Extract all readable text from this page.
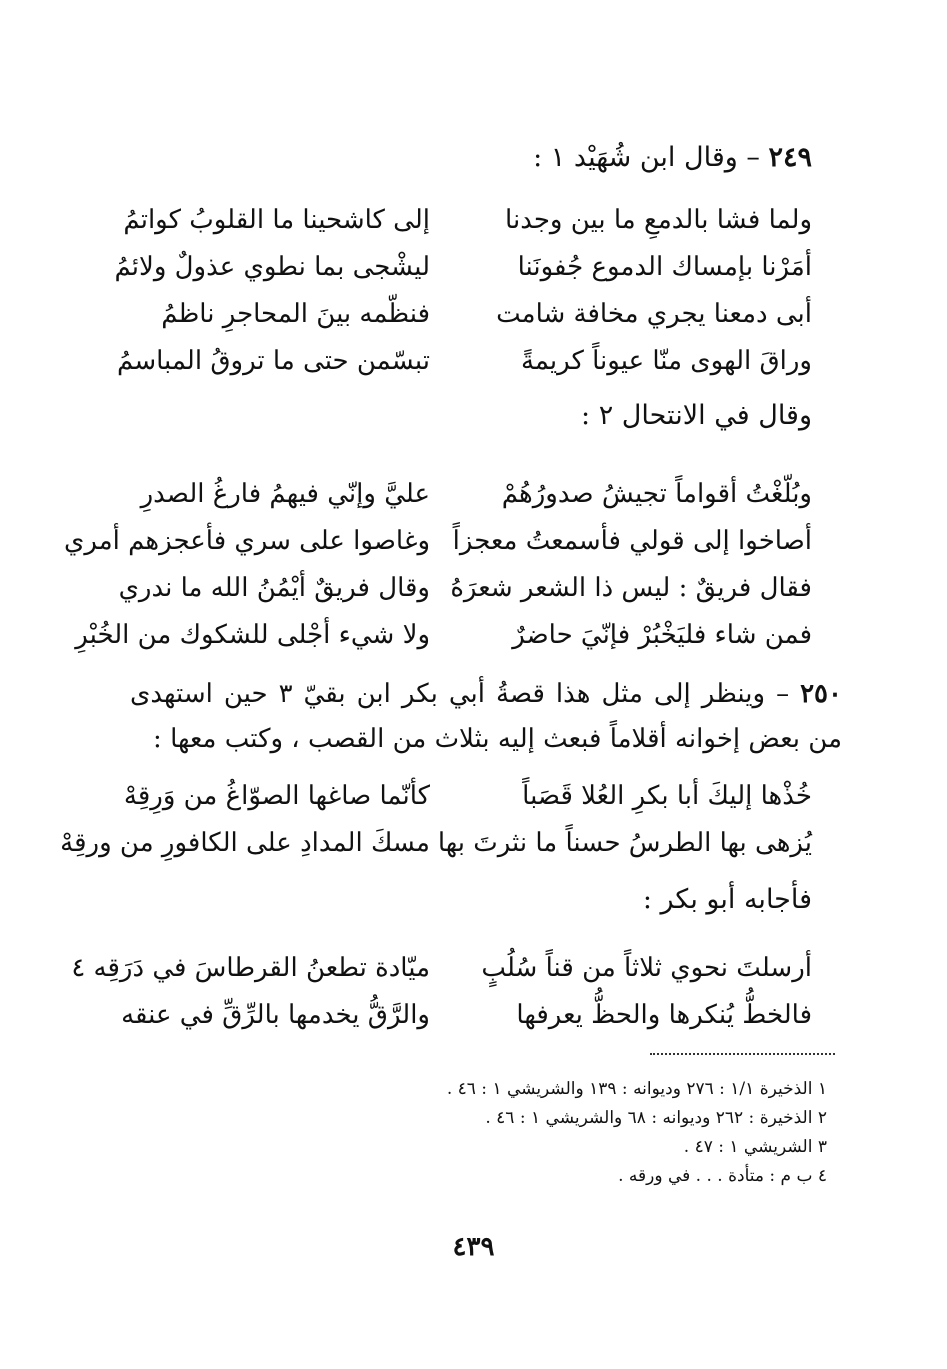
٢٤٩ – وقال ابن شُهَيْد ١ :
ولما فشا بالدمعِ ما بين وجدنا
إلى كاشحينا ما القلوبُ كواتمُ
أمَرْنا بإمساك الدموع جُفونَنا
ليشْجى بما نطوي عذولٌ ولائمُ
أبى دمعنا يجري مخافة شامت
فنظّمه بينَ المحاجرِ ناظمُ
وراقَ الهوى منّا عيوناً كريمةً
تبسّمن حتى ما تروقُ المباسمُ
وقال في الانتحال ٢ :
وبُلّغْتُ أقواماً تجيشُ صدورُهُمْ
عليَّ وإنّي فيهمُ فارغُ الصدرِ
أصاخوا إلى قولي فأسمعتُ معجزاً
وغاصوا على سري فأعجزهم أمري
فقال فريقٌ : ليس ذا الشعر شعرَهُ
وقال فريقٌ أيْمُنُ الله ما ندري
فمن شاء فليَخْبُرْ فإنّيَ حاضرٌ
ولا شيء أجْلى للشكوك من الخُبْرِ

٢٥٠ – وينظر إلى مثل هذا قصةُ أبي بكر ابن بقيّ ٣ حين استهدى من بعض إخوانه أقلاماً فبعث إليه بثلاث من القصب ، وكتب معها :

خُذْها إليكَ أبا بكرِ العُلا قَصَباً
كأنّما صاغها الصوّاغُ من وَرِقِهْ
يُزهى بها الطرسُ حسناً ما نثرتَ بها
مسكَ المدادِ على الكافورِ من ورقِهْ
فأجابه أبو بكر :
أرسلتَ نحوي ثلاثاً من قناً سُلُبٍ
ميّادة تطعنُ القرطاسَ في دَرَقِه ٤
فالخطُّ يُنكرها والحظُّ يعرفها
والرَّقُّ يخدمها بالرِّقِّ في عنقه
١ الذخيرة ١/١ : ٢٧٦ وديوانه : ١٣٩ والشريشي ١ : ٤٦ .
٢ الذخيرة : ٢٦٢ وديوانه : ٦٨ والشريشي ١ : ٤٦ .
٣ الشريشي ١ : ٤٧ .
٤ ب م : متأدة . . . في ورقه .
٤٣٩
